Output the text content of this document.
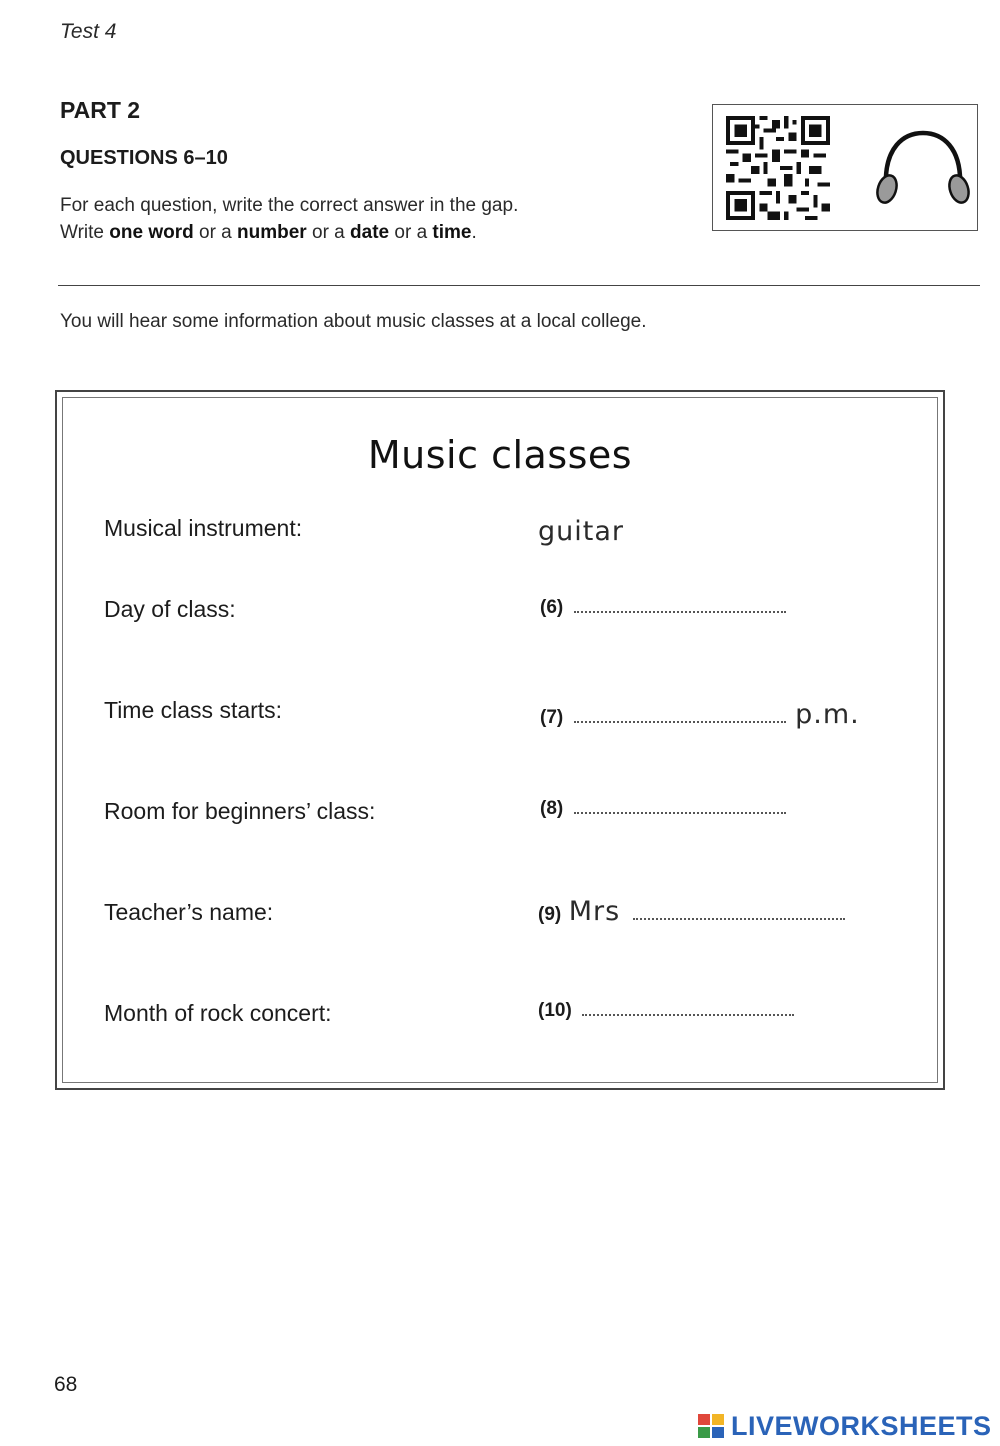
Test 4
PART 2
QUESTIONS 6–10
For each question, write the correct answer in the gap.
Write one word or a number or a date or a time.
You will hear some information about music classes at a local college.
Music classes
Musical instrument:	guitar
Day of class:	(6)
Time class starts:	(7)	p.m.
Room for beginners’ class:	(8)
Teacher’s name:	(9) Mrs
Month of rock concert:	(10)
68
LIVEWORKSHEETS
